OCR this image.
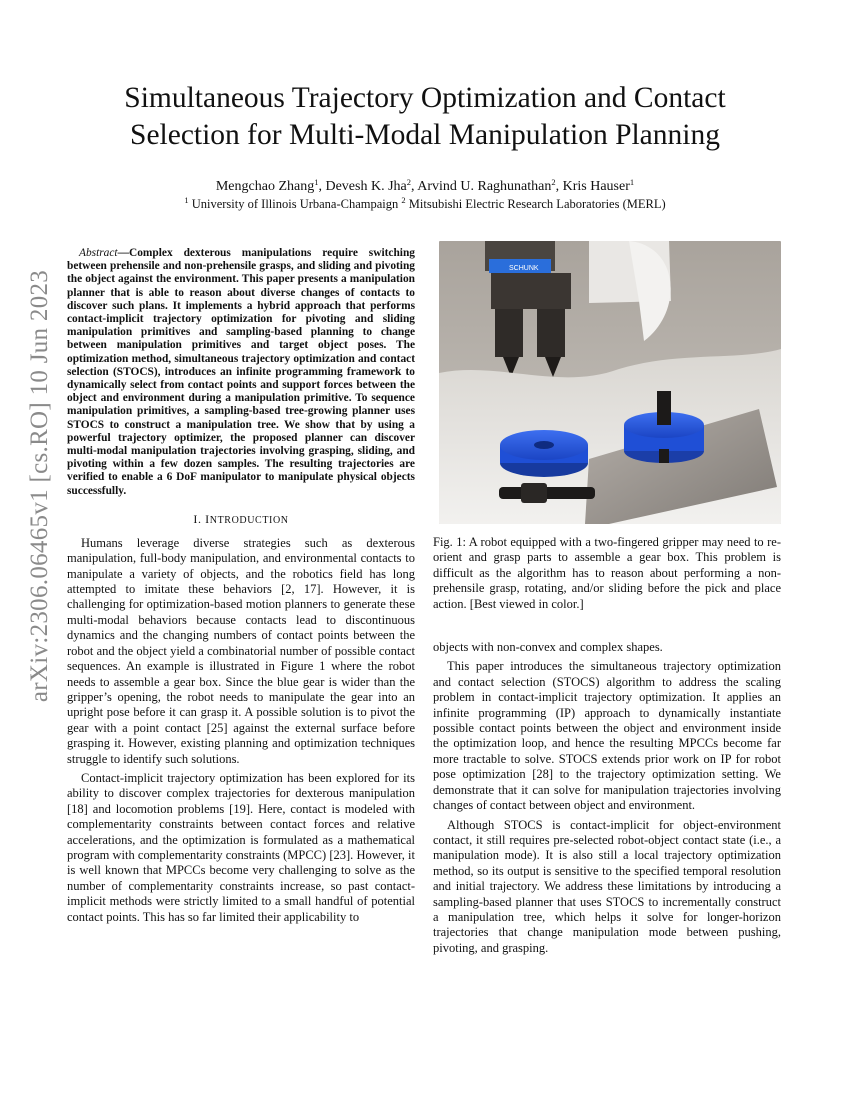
arXiv:2306.06465v1 [cs.RO] 10 Jun 2023
Simultaneous Trajectory Optimization and Contact
Selection for Multi-Modal Manipulation Planning
Mengchao Zhang$^1$, Devesh K. Jha$^2$, Arvind U. Raghunathan$^2$, Kris Hauser$^1$
$^1$ University of Illinois Urbana-Champaign $^2$ Mitsubishi Electric Research Laboratories (MERL)

Abstract—Complex dexterous manipulations require switching between prehensile and non-prehensile grasps, and sliding and pivoting the object against the environment. This paper presents a manipulation planner that is able to reason about diverse changes of contacts to discover such plans. It implements a hybrid approach that performs contact-implicit trajectory optimization for pivoting and sliding manipulation primitives and sampling-based planning to change between manipulation primitives and target object poses. The optimization method, simultaneous trajectory optimization and contact selection (STOCS), introduces an infinite programming framework to dynamically select from contact points and support forces between the object and environment during a manipulation primitive. To sequence manipulation primitives, a sampling-based tree-growing planner uses STOCS to construct a manipulation tree. We show that by using a powerful trajectory optimizer, the proposed planner can discover multi-modal manipulation trajectories involving grasping, sliding, and pivoting within a few dozen samples. The resulting trajectories are verified to enable a 6 DoF manipulator to manipulate physical objects successfully.

I. INTRODUCTION

Humans leverage diverse strategies such as dexterous manipulation, full-body manipulation, and environmental contacts to manipulate a variety of objects, and the robotics field has long attempted to imitate these behaviors [2, 17]. However, it is challenging for optimization-based motion planners to generate these multi-modal behaviors because contacts lead to discontinuous dynamics and the changing numbers of contact points between the robot and the object yield a combinatorial number of possible contact sequences. An example is illustrated in Figure 1 where the robot needs to assemble a gear box. Since the blue gear is wider than the gripper’s opening, the robot needs to manipulate the gear into an upright pose before it can grasp it. A possible solution is to pivot the gear with a point contact [25] against the external surface before grasping it. However, existing planning and optimization techniques struggle to identify such solutions.

Contact-implicit trajectory optimization has been explored for its ability to discover complex trajectories for dexterous manipulation [18] and locomotion problems [19]. Here, contact is modeled with complementarity constraints between contact forces and relative accelerations, and the optimization is formulated as a mathematical program with complementarity constraints (MPCC) [23]. However, it is well known that MPCCs become very challenging to solve as the number of complementarity constraints increase, so past contact-implicit methods were strictly limited to a small handful of potential contact points. This has so far limited their applicability to

SCHUNK

Fig. 1: A robot equipped with a two-fingered gripper may need to re-orient and grasp parts to assemble a gear box. This problem is difficult as the algorithm has to reason about performing a non-prehensile grasp, rotating, and/or sliding before the pick and place action. [Best viewed in color.]

objects with non-convex and complex shapes.

This paper introduces the simultaneous trajectory optimization and contact selection (STOCS) algorithm to address the scaling problem in contact-implicit trajectory optimization. It applies an infinite programming (IP) approach to dynamically instantiate possible contact points between the object and environment inside the optimization loop, and hence the resulting MPCCs become far more tractable to solve. STOCS extends prior work on IP for robot pose optimization [28] to the trajectory optimization setting. We demonstrate that it can solve for manipulation trajectories involving changes of contact between object and environment.

Although STOCS is contact-implicit for object-environment contact, it still requires pre-selected robot-object contact state (i.e., a manipulation mode). It is also still a local trajectory optimization method, so its output is sensitive to the specified temporal resolution and initial trajectory. We address these limitations by introducing a sampling-based planner that uses STOCS to incrementally construct a manipulation tree, which helps it solve for longer-horizon trajectories that change manipulation mode between pushing, pivoting, and grasping.
